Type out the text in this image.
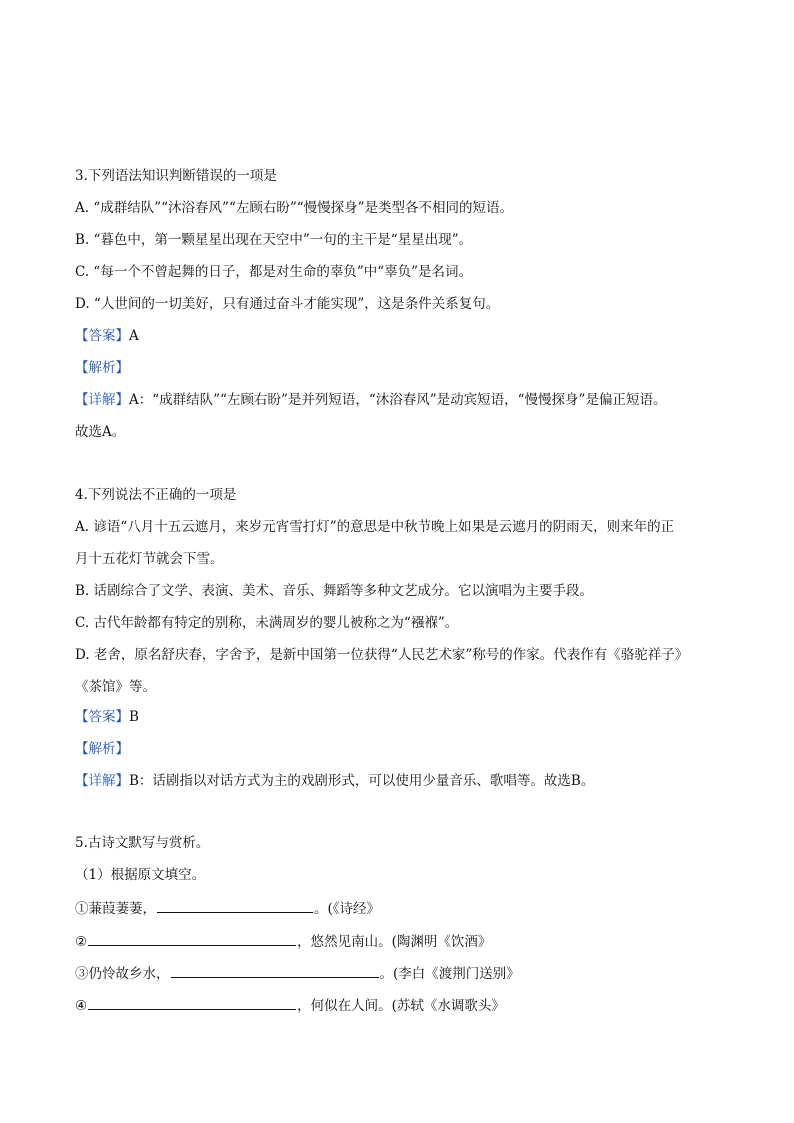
3.下列语法知识判断错误的一项是
A. “成群结队”“沐浴春风”“左顾右盼”“慢慢探身”是类型各不相同的短语。
B. “暮色中，第一颗星星出现在天空中”一句的主干是“星星出现”。
C. “每一个不曾起舞的日子，都是对生命的辜负”中“辜负”是名词。
D. “人世间的一切美好，只有通过奋斗才能实现”，这是条件关系复句。
【答案】A
【解析】
【详解】A：“成群结队”“左顾右盼”是并列短语，“沐浴春风”是动宾短语，“慢慢探身”是偏正短语。
故选A。
4.下列说法不正确的一项是
A. 谚语“八月十五云遮月，来岁元宵雪打灯”的意思是中秋节晚上如果是云遮月的阴雨天，则来年的正
月十五花灯节就会下雪。
B. 话剧综合了文学、表演、美术、音乐、舞蹈等多种文艺成分。它以演唱为主要手段。
C. 古代年龄都有特定的别称，未满周岁的婴儿被称之为“襁褓”。
D. 老舍，原名舒庆春，字舍予，是新中国第一位获得“人民艺术家”称号的作家。代表作有《骆驼祥子》
《茶馆》等。
【答案】B
【解析】
【详解】B：话剧指以对话方式为主的戏剧形式，可以使用少量音乐、歌唱等。故选B。
5.古诗文默写与赏析。
（1）根据原文填空。
①蒹葭萋萋，	。(《诗经》
②	，悠然见南山。(陶渊明《饮酒》
③仍怜故乡水，	。(李白《渡荆门送别》
④	，何似在人间。(苏轼《水调歌头》
